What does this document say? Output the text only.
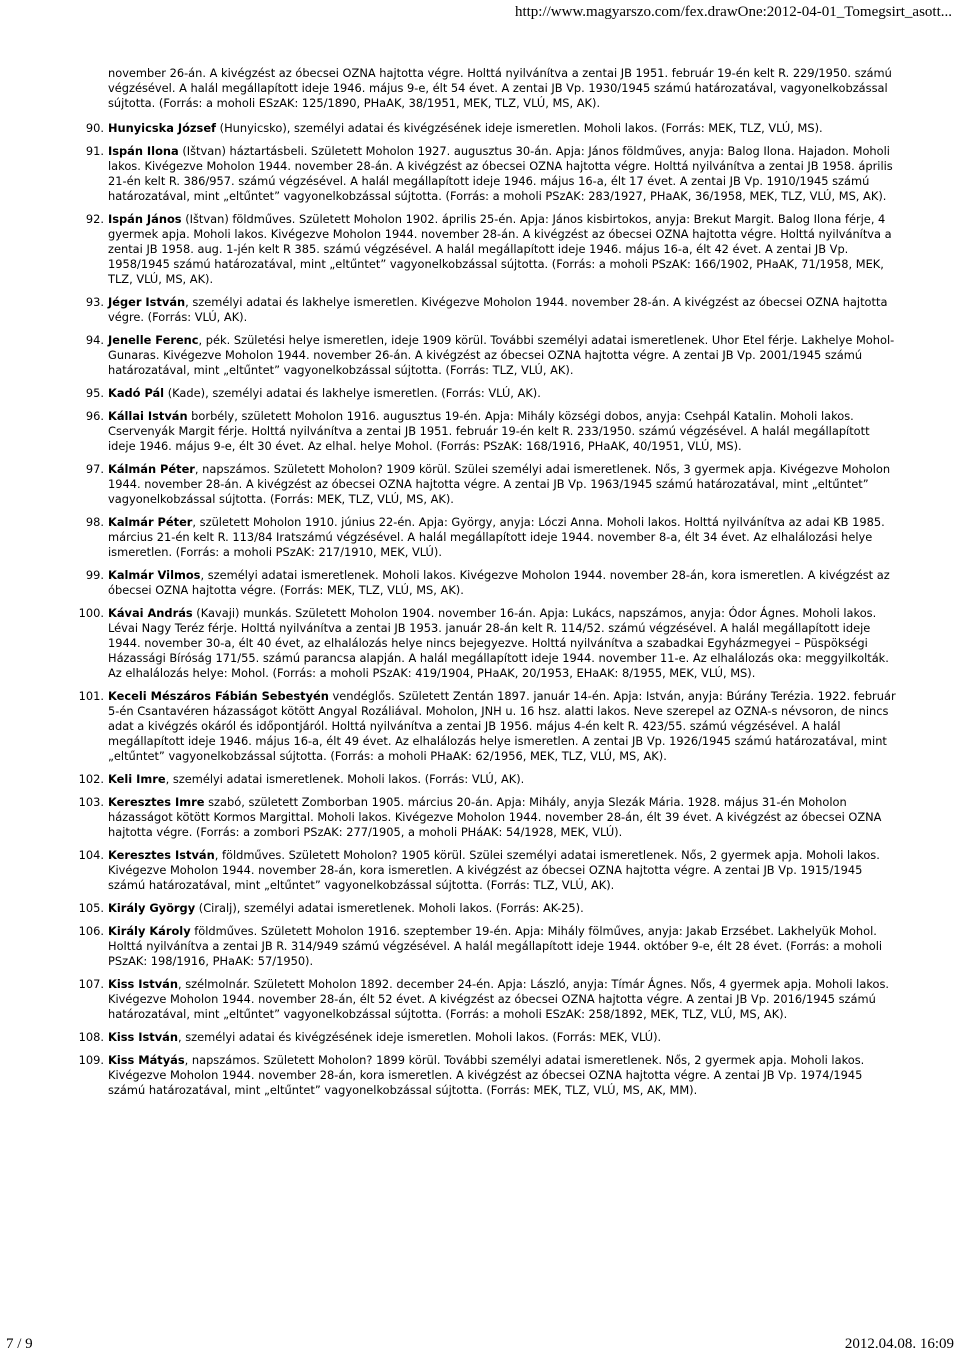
http://www.magyarszo.com/fex.drawOne:2012-04-01_Tomegsirt_asott...

november 26-án. A kivégzést az óbecsei OZNA hajtotta végre. Holttá nyilvánítva a zentai JB 1951. február 19-én kelt R. 229/1950. számú végzésével. A halál megállapított ideje 1946. május 9-e, élt 54 évet. A zentai JB Vp. 1930/1945 számú határozatával, vagyonelkobzással sújtotta. (Forrás: a moholi ESzAK: 125/1890, PHaAK, 38/1951, MEK, TLZ, VLÚ, MS, AK).

90. Hunyicska József (Hunyicsko), személyi adatai és kivégzésének ideje ismeretlen. Moholi lakos. (Forrás: MEK, TLZ, VLÚ, MS).
91. Ispán Ilona (Ištvan) háztartásbeli. Született Moholon 1927. augusztus 30-án. Apja: János földműves, anyja: Balog Ilona. Hajadon. Moholi lakos. Kivégezve Moholon 1944. november 28-án. A kivégzést az óbecsei OZNA hajtotta végre. Holttá nyilvánítva a zentai JB 1958. április 21-én kelt R. 386/957. számú végzésével. A halál megállapított ideje 1946. május 16-a, élt 17 évet. A zentai JB Vp. 1910/1945 számú határozatával, mint „eltűntet” vagyonelkobzással sújtotta. (Forrás: a moholi PSzAK: 283/1927, PHaAK, 36/1958, MEK, TLZ, VLÚ, MS, AK).
92. Ispán János (Ištvan) földműves. Született Moholon 1902. április 25-én. Apja: János kisbirtokos, anyja: Brekut Margit. Balog Ilona férje, 4 gyermek apja. Moholi lakos. Kivégezve Moholon 1944. november 28-án. A kivégzést az óbecsei OZNA hajtotta végre. Holttá nyilvánítva a zentai JB 1958. aug. 1-jén kelt R 385. számú végzésével. A halál megállapított ideje 1946. május 16-a, élt 42 évet. A zentai JB Vp. 1958/1945 számú határozatával, mint „eltűntet” vagyonelkobzással sújtotta. (Forrás: a moholi PSzAK: 166/1902, PHaAK, 71/1958, MEK, TLZ, VLÚ, MS, AK).
93. Jéger István, személyi adatai és lakhelye ismeretlen. Kivégezve Moholon 1944. november 28-án. A kivégzést az óbecsei OZNA hajtotta végre. (Forrás: VLÚ, AK).
94. Jenelle Ferenc, pék. Születési helye ismeretlen, ideje 1909 körül. További személyi adatai ismeretlenek. Uhor Etel férje. Lakhelye Mohol-Gunaras. Kivégezve Moholon 1944. november 26-án. A kivégzést az óbecsei OZNA hajtotta végre. A zentai JB Vp. 2001/1945 számú határozatával, mint „eltűntet” vagyonelkobzással sújtotta. (Forrás: TLZ, VLÚ, AK).
95. Kadó Pál (Kade), személyi adatai és lakhelye ismeretlen. (Forrás: VLÚ, AK).
96. Kállai István borbély, született Moholon 1916. augusztus 19-én. Apja: Mihály községi dobos, anyja: Csehpál Katalin. Moholi lakos. Cservenyák Margit férje. Holttá nyilvánítva a zentai JB 1951. február 19-én kelt R. 233/1950. számú végzésével. A halál megállapított ideje 1946. május 9-e, élt 30 évet. Az elhal. helye Mohol. (Forrás: PSzAK: 168/1916, PHaAK, 40/1951, VLÚ, MS).
97. Kálmán Péter, napszámos. Született Moholon? 1909 körül. Szülei személyi adai ismeretlenek. Nős, 3 gyermek apja. Kivégezve Moholon 1944. november 28-án. A kivégzést az óbecsei OZNA hajtotta végre. A zentai JB Vp. 1963/1945 számú határozatával, mint „eltűntet” vagyonelkobzással sújtotta. (Forrás: MEK, TLZ, VLÚ, MS, AK).
98. Kalmár Péter, született Moholon 1910. június 22-én. Apja: György, anyja: Lóczi Anna. Moholi lakos. Holttá nyilvánítva az adai KB 1985. március 21-én kelt R. 113/84 Iratszámú végzésével. A halál megállapított ideje 1944. november 8-a, élt 34 évet. Az elhalálozási helye ismeretlen. (Forrás: a moholi PSzAK: 217/1910, MEK, VLÚ).
99. Kalmár Vilmos, személyi adatai ismeretlenek. Moholi lakos. Kivégezve Moholon 1944. november 28-án, kora ismeretlen. A kivégzést az óbecsei OZNA hajtotta végre. (Forrás: MEK, TLZ, VLÚ, MS, AK).
100. Kávai András (Kavaji) munkás. Született Moholon 1904. november 16-án. Apja: Lukács, napszámos, anyja: Ódor Ágnes. Moholi lakos. Lévai Nagy Teréz férje. Holttá nyilvánítva a zentai JB 1953. január 28-án kelt R. 114/52. számú végzésével. A halál megállapított ideje 1944. november 30-a, élt 40 évet, az elhalálozás helye nincs bejegyezve. Holttá nyilvánítva a szabadkai Egyházmegyei – Püspökségi Házassági Bíróság 171/55. számú parancsa alapján. A halál megállapított ideje 1944. november 11-e. Az elhalálozás oka: meggyilkolták. Az elhalálozás helye: Mohol. (Forrás: a moholi PSzAK: 419/1904, PHaAK, 20/1953, EHaAK: 8/1955, MEK, VLÚ, MS).
101. Keceli Mészáros Fábián Sebestyén vendéglős. Született Zentán 1897. január 14-én. Apja: István, anyja: Búrány Terézia. 1922. február 5-én Csantavéren házasságot kötött Angyal Rozáliával. Moholon, JNH u. 16 hsz. alatti lakos. Neve szerepel az OZNA-s névsoron, de nincs adat a kivégzés okáról és időpontjáról. Holttá nyilvánítva a zentai JB 1956. május 4-én kelt R. 423/55. számú végzésével. A halál megállapított ideje 1946. május 16-a, élt 49 évet. Az elhalálozás helye ismeretlen. A zentai JB Vp. 1926/1945 számú határozatával, mint „eltűntet” vagyonelkobzással sújtotta. (Forrás: a moholi PHaAK: 62/1956, MEK, TLZ, VLÚ, MS, AK).
102. Keli Imre, személyi adatai ismeretlenek. Moholi lakos. (Forrás: VLÚ, AK).
103. Keresztes Imre szabó, született Zomborban 1905. március 20-án. Apja: Mihály, anyja Slezák Mária. 1928. május 31-én Moholon házasságot kötött Kormos Margittal. Moholi lakos. Kivégezve Moholon 1944. november 28-án, élt 39 évet. A kivégzést az óbecsei OZNA hajtotta végre. (Forrás: a zombori PSzAK: 277/1905, a moholi PHáAK: 54/1928, MEK, VLÚ).
104. Keresztes István, földműves. Született Moholon? 1905 körül. Szülei személyi adatai ismeretlenek. Nős, 2 gyermek apja. Moholi lakos. Kivégezve Moholon 1944. november 28-án, kora ismeretlen. A kivégzést az óbecsei OZNA hajtotta végre. A zentai JB Vp. 1915/1945 számú határozatával, mint „eltűntet” vagyonelkobzással sújtotta. (Forrás: TLZ, VLÚ, AK).
105. Király György (Ciralj), személyi adatai ismeretlenek. Moholi lakos. (Forrás: AK-25).
106. Király Károly földműves. Született Moholon 1916. szeptember 19-én. Apja: Mihály fölműves, anyja: Jakab Erzsébet. Lakhelyük Mohol. Holttá nyilvánítva a zentai JB R. 314/949 számú végzésével. A halál megállapított ideje 1944. október 9-e, élt 28 évet. (Forrás: a moholi PSzAK: 198/1916, PHaAK: 57/1950).
107. Kiss István, szélmolnár. Született Moholon 1892. december 24-én. Apja: László, anyja: Tímár Ágnes. Nős, 4 gyermek apja. Moholi lakos. Kivégezve Moholon 1944. november 28-án, élt 52 évet. A kivégzést az óbecsei OZNA hajtotta végre. A zentai JB Vp. 2016/1945 számú határozatával, mint „eltűntet” vagyonelkobzással sújtotta. (Forrás: a moholi ESzAK: 258/1892, MEK, TLZ, VLÚ, MS, AK).
108. Kiss István, személyi adatai és kivégzésének ideje ismeretlen. Moholi lakos. (Forrás: MEK, VLÚ).
109. Kiss Mátyás, napszámos. Született Moholon? 1899 körül. További személyi adatai ismeretlenek. Nős, 2 gyermek apja. Moholi lakos. Kivégezve Moholon 1944. november 28-án, kora ismeretlen. A kivégzést az óbecsei OZNA hajtotta végre. A zentai JB Vp. 1974/1945 számú határozatával, mint „eltűntet” vagyonelkobzással sújtotta. (Forrás: MEK, TLZ, VLÚ, MS, AK, MM).
7 / 9	2012.04.08. 16:09
